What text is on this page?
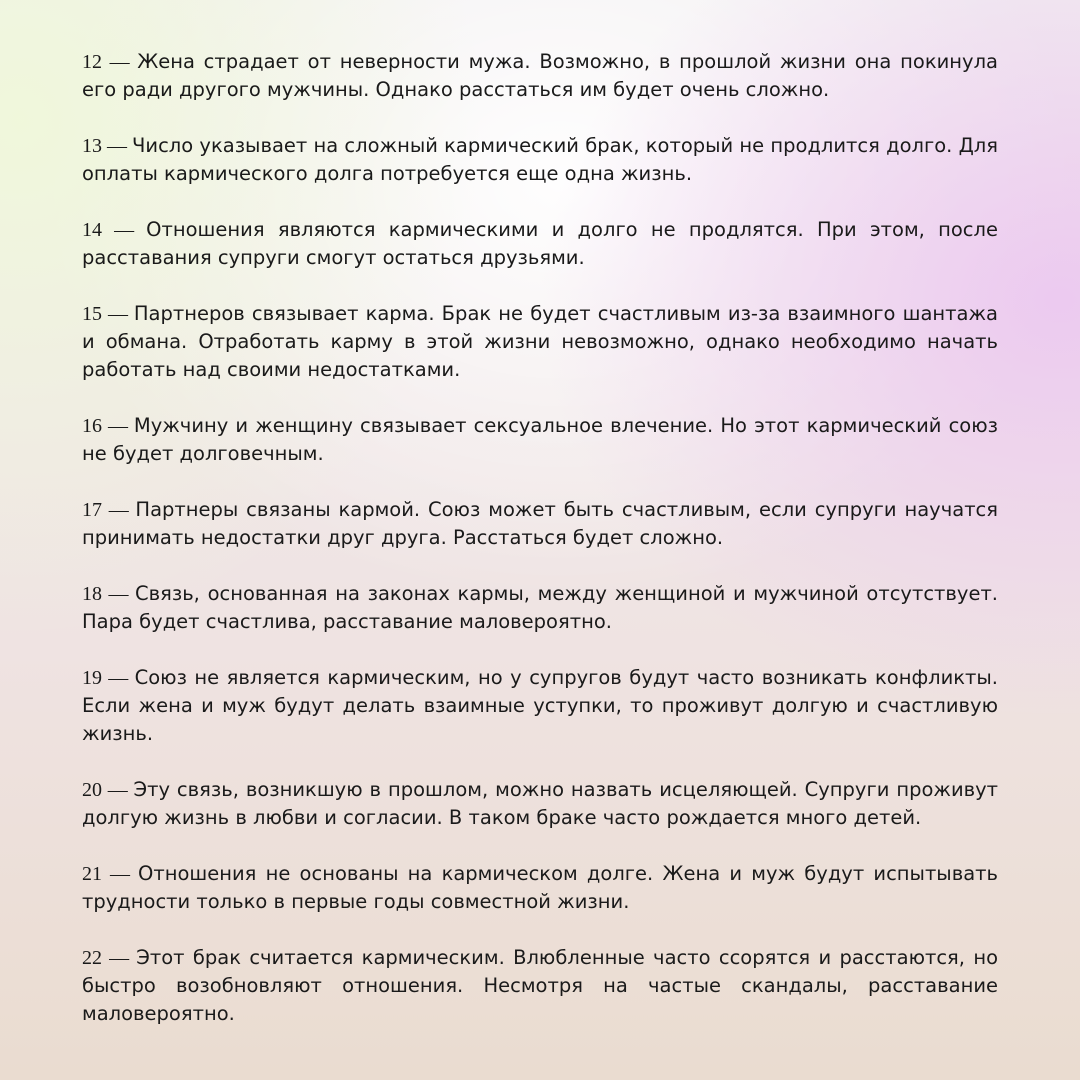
12 — Жена страдает от неверности мужа. Возможно, в прошлой жизни она покинула его ради другого мужчины. Однако расстаться им будет очень сложно.

13 — Число указывает на сложный кармический брак, который не продлится долго. Для оплаты кармического долга потребуется еще одна жизнь.

14 — Отношения являются кармическими и долго не продлятся. При этом, после расставания супруги смогут остаться друзьями.

15 — Партнеров связывает карма. Брак не будет счастливым из-за взаимного шантажа и обмана. Отработать карму в этой жизни невозможно, однако необходимо начать работать над своими недостатками.

16 — Мужчину и женщину связывает сексуальное влечение. Но этот кармический союз не будет долговечным.

17 — Партнеры связаны кармой. Союз может быть счастливым, если супруги научатся принимать недостатки друг друга. Расстаться будет сложно.

18 — Связь, основанная на законах кармы, между женщиной и мужчиной отсутствует. Пара будет счастлива, расставание маловероятно.

19 — Союз не является кармическим, но у супругов будут часто возникать конфликты. Если жена и муж будут делать взаимные уступки, то проживут долгую и счастливую жизнь.

20 — Эту связь, возникшую в прошлом, можно назвать исцеляющей. Супруги проживут долгую жизнь в любви и согласии. В таком браке часто рождается много детей.

21 — Отношения не основаны на кармическом долге. Жена и муж будут испытывать трудности только в первые годы совместной жизни.

22 — Этот брак считается кармическим. Влюбленные часто ссорятся и расстаются, но быстро возобновляют отношения. Несмотря на частые скандалы, расставание маловероятно.
